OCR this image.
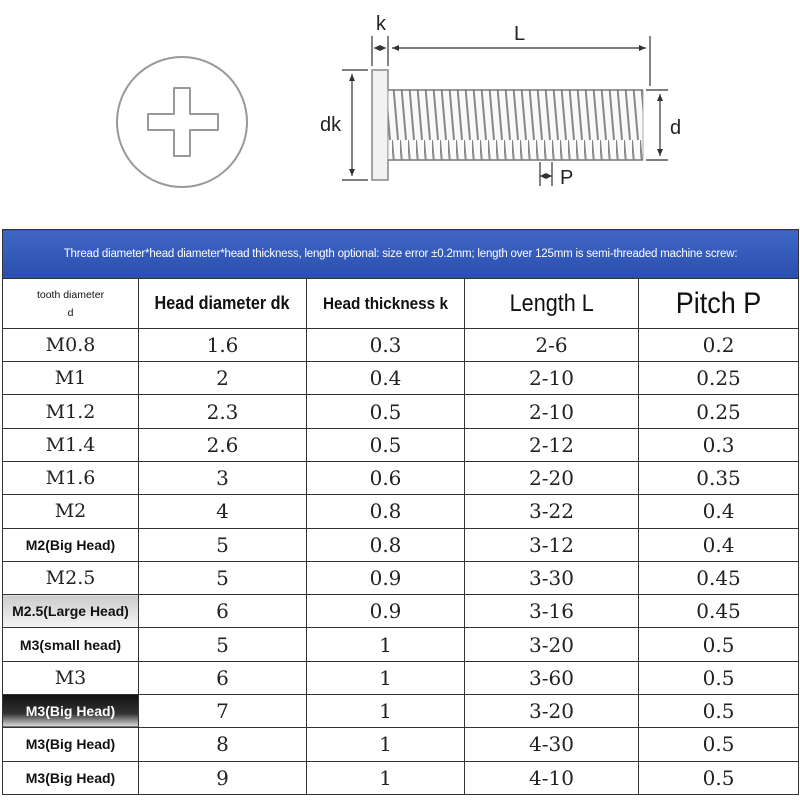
k	L
dk	d
P
Thread diameter*head diameter*head thickness, length optional: size error ±0.2mm; length over 125mm is semi-threaded machine screw:				

tooth diameter
d	Head diameter dk	Head thickness k	Length L	Pitch P
M0.8	1.6	0.3	2-6	0.2
M1	2	0.4	2-10	0.25
M1.2	2.3	0.5	2-10	0.25
M1.4	2.6	0.5	2-12	0.3
M1.6	3	0.6	2-20	0.35
M2	4	0.8	3-22	0.4
M2(Big Head)	5	0.8	3-12	0.4
M2.5	5	0.9	3-30	0.45
M2.5(Large Head)	6	0.9	3-16	0.45
M3(small head)	5	1	3-20	0.5
M3	6	1	3-60	0.5
M3(Big Head)	7	1	3-20	0.5
M3(Big Head)	8	1	4-30	0.5
M3(Big Head)	9	1	4-10	0.5
